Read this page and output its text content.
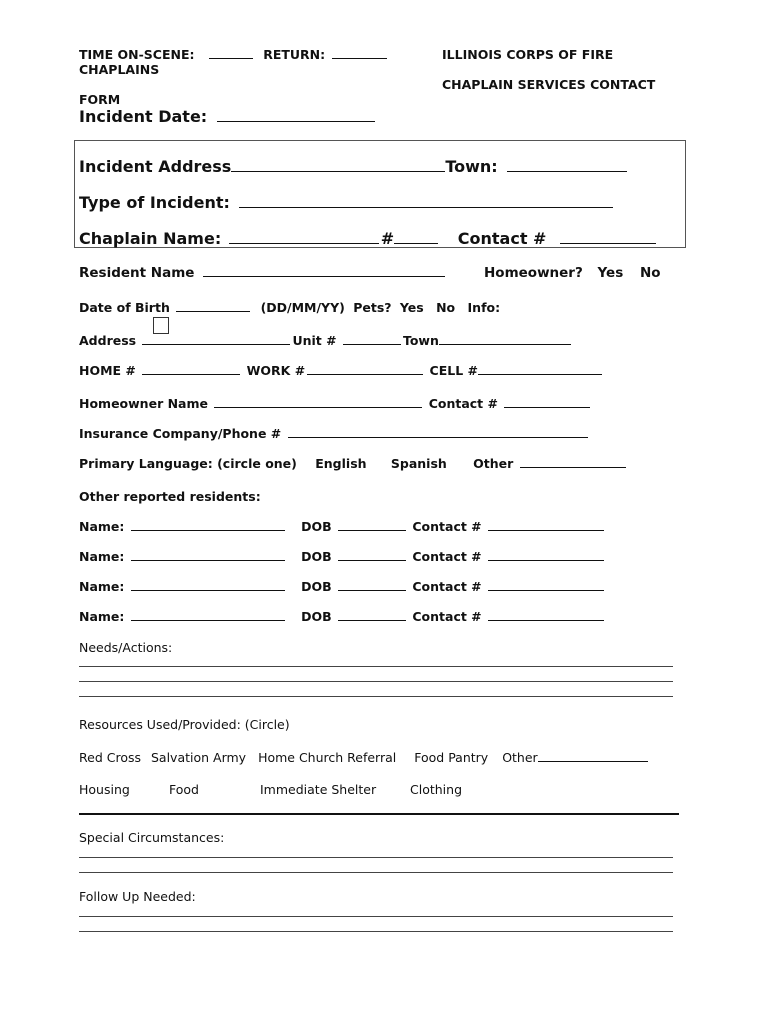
TIME ON-SCENE:	RETURN:
CHAPLAINS
FORM
ILLINOIS CORPS OF FIRE
CHAPLAIN SERVICES CONTACT
Incident Date:
Incident Address	Town:
Type of Incident:
Chaplain Name:	#	Contact #
Resident Name	Homeowner? Yes No
Date of Birth	(DD/MM/YY) Pets? Yes No Info:
Address	Unit #	Town
HOME #	WORK #	CELL #
Homeowner Name	Contact #
Insurance Company/Phone #
Primary Language: (circle one) English Spanish Other
Other reported residents:
Name:	DOB	Contact #
Name:	DOB	Contact #
Name:	DOB	Contact #
Name:	DOB	Contact #
Needs/Actions:
Resources Used/Provided: (Circle)
Red Cross Salvation Army Home Church Referral Food Pantry Other
Housing	Food	Immediate Shelter	Clothing
Special Circumstances:
Follow Up Needed:
